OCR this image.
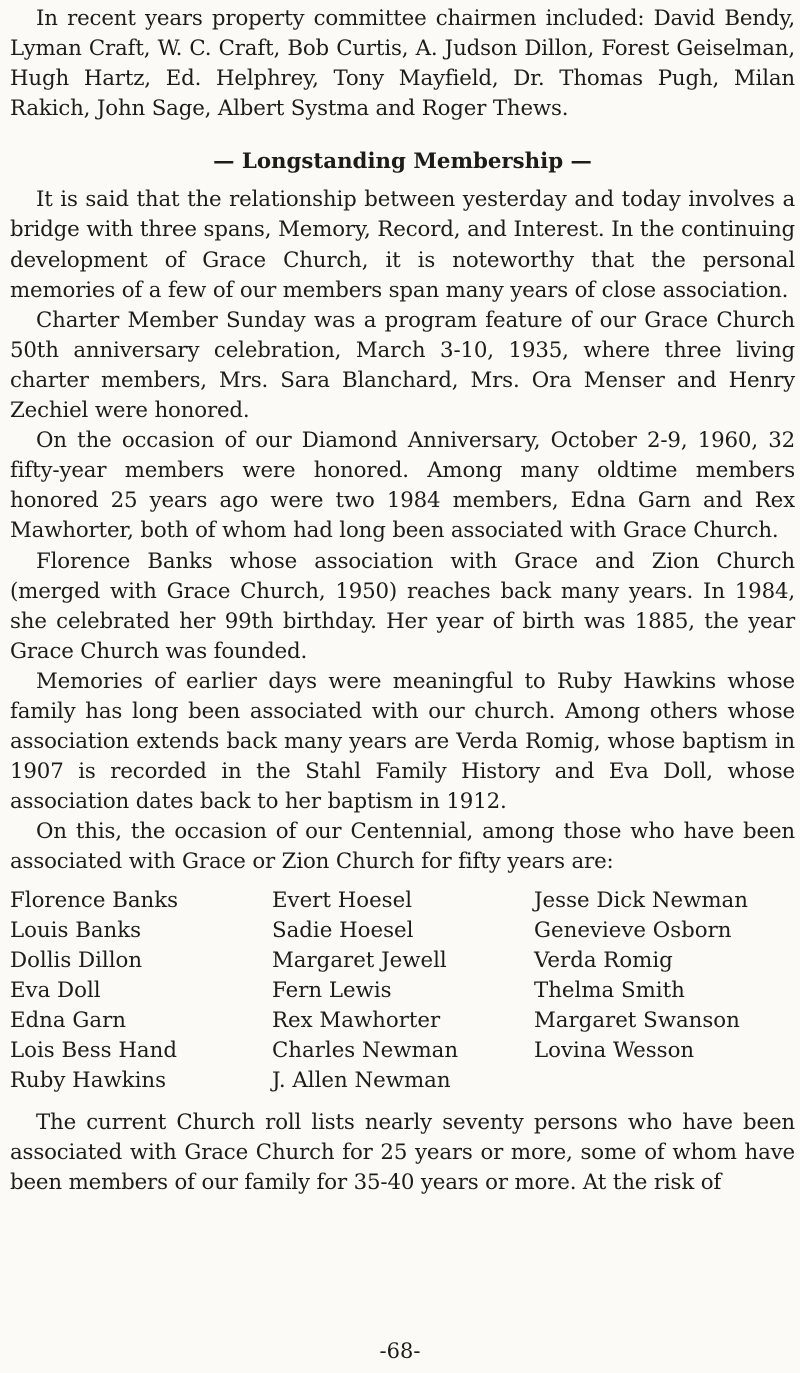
In recent years property committee chairmen included: David Bendy, Lyman Craft, W. C. Craft, Bob Curtis, A. Judson Dillon, Forest Geiselman, Hugh Hartz, Ed. Helphrey, Tony Mayfield, Dr. Thomas Pugh, Milan Rakich, John Sage, Albert Systma and Roger Thews.

— Longstanding Membership —

It is said that the relationship between yesterday and today involves a bridge with three spans, Memory, Record, and Interest. In the continuing development of Grace Church, it is noteworthy that the personal memories of a few of our members span many years of close association.

Charter Member Sunday was a program feature of our Grace Church 50th anniversary celebration, March 3-10, 1935, where three living charter members, Mrs. Sara Blanchard, Mrs. Ora Menser and Henry Zechiel were honored.

On the occasion of our Diamond Anniversary, October 2-9, 1960, 32 fifty-year members were honored. Among many oldtime members honored 25 years ago were two 1984 members, Edna Garn and Rex Mawhorter, both of whom had long been associated with Grace Church.

Florence Banks whose association with Grace and Zion Church (merged with Grace Church, 1950) reaches back many years. In 1984, she celebrated her 99th birthday. Her year of birth was 1885, the year Grace Church was founded.

Memories of earlier days were meaningful to Ruby Hawkins whose family has long been associated with our church. Among others whose association extends back many years are Verda Romig, whose baptism in 1907 is recorded in the Stahl Family History and Eva Doll, whose association dates back to her baptism in 1912.

On this, the occasion of our Centennial, among those who have been associated with Grace or Zion Church for fifty years are:

Florence Banks
Louis Banks
Dollis Dillon
Eva Doll
Edna Garn
Lois Bess Hand
Ruby Hawkins
Evert Hoesel
Sadie Hoesel
Margaret Jewell
Fern Lewis
Rex Mawhorter
Charles Newman
J. Allen Newman
Jesse Dick Newman
Genevieve Osborn
Verda Romig
Thelma Smith
Margaret Swanson
Lovina Wesson

The current Church roll lists nearly seventy persons who have been associated with Grace Church for 25 years or more, some of whom have been members of our family for 35-40 years or more. At the risk of

-68-
